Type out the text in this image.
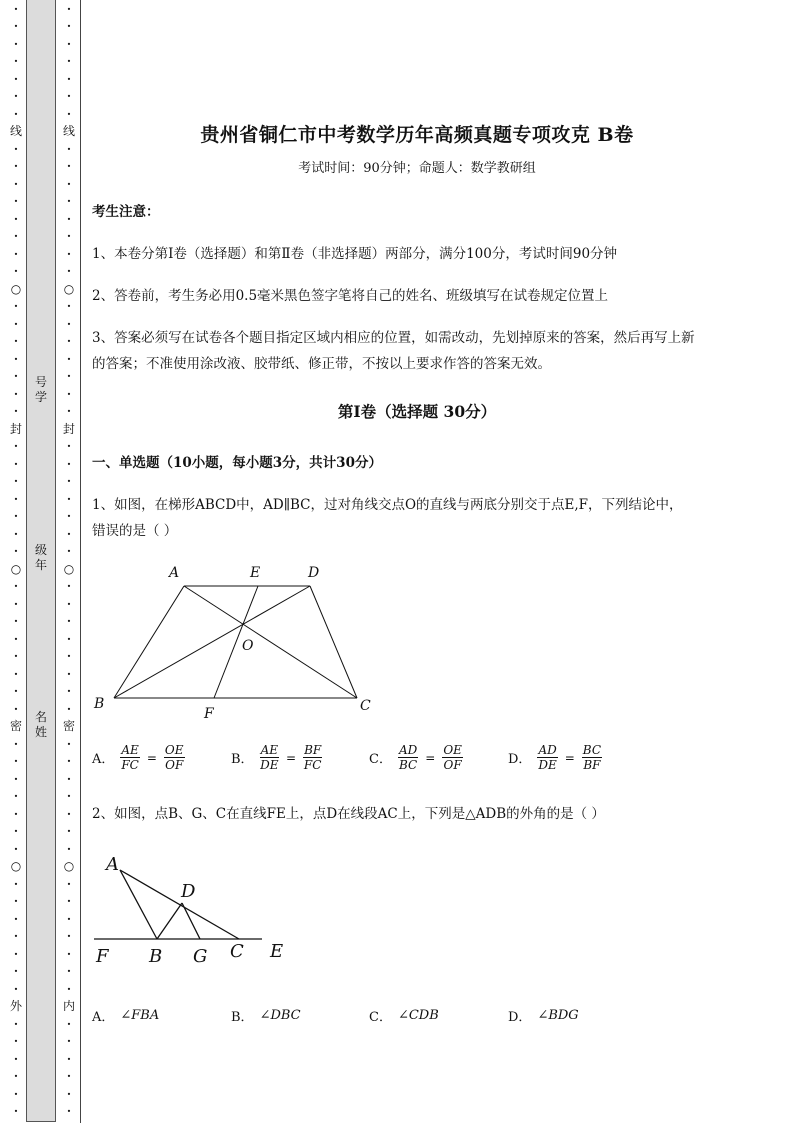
·
·
·
·
·
·
·
线
·
·
·
·
·
·
·
·
○
·
·
·
·
·
·
·
封
·
·
·
·
·
·
·
○
·
·
·
·
·
·
·
·
密
·
·
·
·
·
·
·
○
·
·
·
·
·
·
·
外
·
·
·
·
·
·
号
学
级
年
名
姓
·
·
·
·
·
·
·
线
·
·
·
·
·
·
·
·
○
·
·
·
·
·
·
·
封
·
·
·
·
·
·
·
○
·
·
·
·
·
·
·
·
密
·
·
·
·
·
·
·
○
·
·
·
·
·
·
·
内
·
·
·
·
·
·
贵州省铜仁市中考数学历年高频真题专项攻克 B卷
考试时间：90分钟；命题人：数学教研组
考生注意：
1、本卷分第I卷（选择题）和第Ⅱ卷（非选择题）两部分，满分100分，考试时间90分钟
2、答卷前，考生务必用0.5毫米黑色签字笔将自己的姓名、班级填写在试卷规定位置上
3、答案必须写在试卷各个题目指定区域内相应的位置，如需改动，先划掉原来的答案，然后再写上新
的答案；不准使用涂改液、胶带纸、修正带，不按以上要求作答的答案无效。
第I卷（选择题 30分）
一、单选题（10小题，每小题3分，共计30分）
1、如图，在梯形ABCD中，AD∥BC，过对角线交点O的直线与两底分别交于点E,F，下列结论中，
错误的是（ ）
A	E	D
O
B
F	C
A． $\frac{AE}{FC} = \frac{OE}{OF}$	B． $\frac{AE}{DE} = \frac{BF}{FC}$	C． $\frac{AD}{BC} = \frac{OE}{OF}$	D． $\frac{AD}{DE} = \frac{BC}{BF}$
2、如图，点B、G、C在直线FE上，点D在线段AC上，下列是△ADB的外角的是（ ）
A
D
F B G C E
A． ∠FBA	B． ∠DBC	C． ∠CDB	D． ∠BDG
